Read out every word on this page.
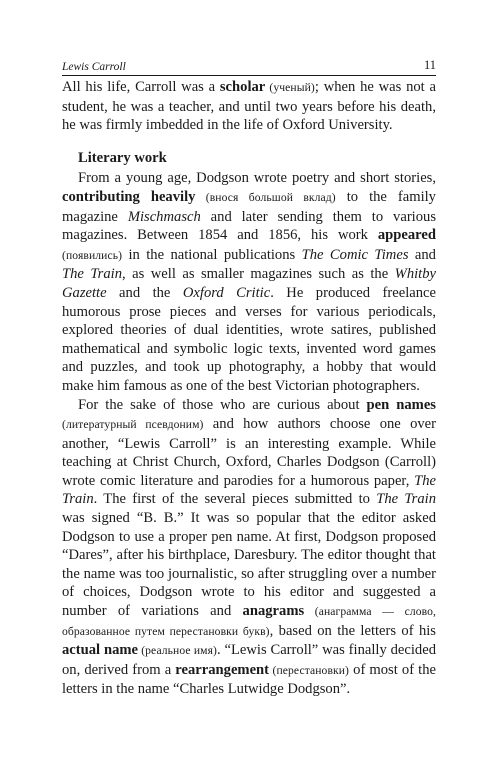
Lewis Carroll	11

All his life, Carroll was a scholar (ученый); when he was not a student, he was a teacher, and until two years before his death, he was firmly imbedded in the life of Oxford University.

Literary work

From a young age, Dodgson wrote poetry and short stories, contributing heavily (внося большой вклад) to the family magazine Mischmasch and later sending them to various magazines. Between 1854 and 1856, his work appeared (появились) in the national publications The Comic Times and The Train, as well as smaller magazines such as the Whitby Gazette and the Oxford Critic. He produced freelance humorous prose pieces and verses for various periodicals, explored theories of dual identities, wrote satires, published mathematical and symbolic logic texts, invented word games and puzzles, and took up photography, a hobby that would make him famous as one of the best Victorian photographers.

For the sake of those who are curious about pen names (литературный псевдоним) and how authors choose one over another, “Lewis Carroll” is an interesting example. While teaching at Christ Church, Oxford, Charles Dodgson (Carroll) wrote comic literature and parodies for a humorous paper, The Train. The first of the several pieces submitted to The Train was signed “B. B.” It was so popular that the editor asked Dodgson to use a proper pen name. At first, Dodgson proposed “Dares”, after his birthplace, Daresbury. The editor thought that the name was too journalistic, so after struggling over a number of choices, Dodgson wrote to his editor and suggested a number of variations and anagrams (анаграмма — слово, образованное путем перестановки букв), based on the letters of his actual name (реальное имя). “Lewis Carroll” was finally decided on, derived from a rearrangement (перестановки) of most of the letters in the name “Charles Lutwidge Dodgson”.
